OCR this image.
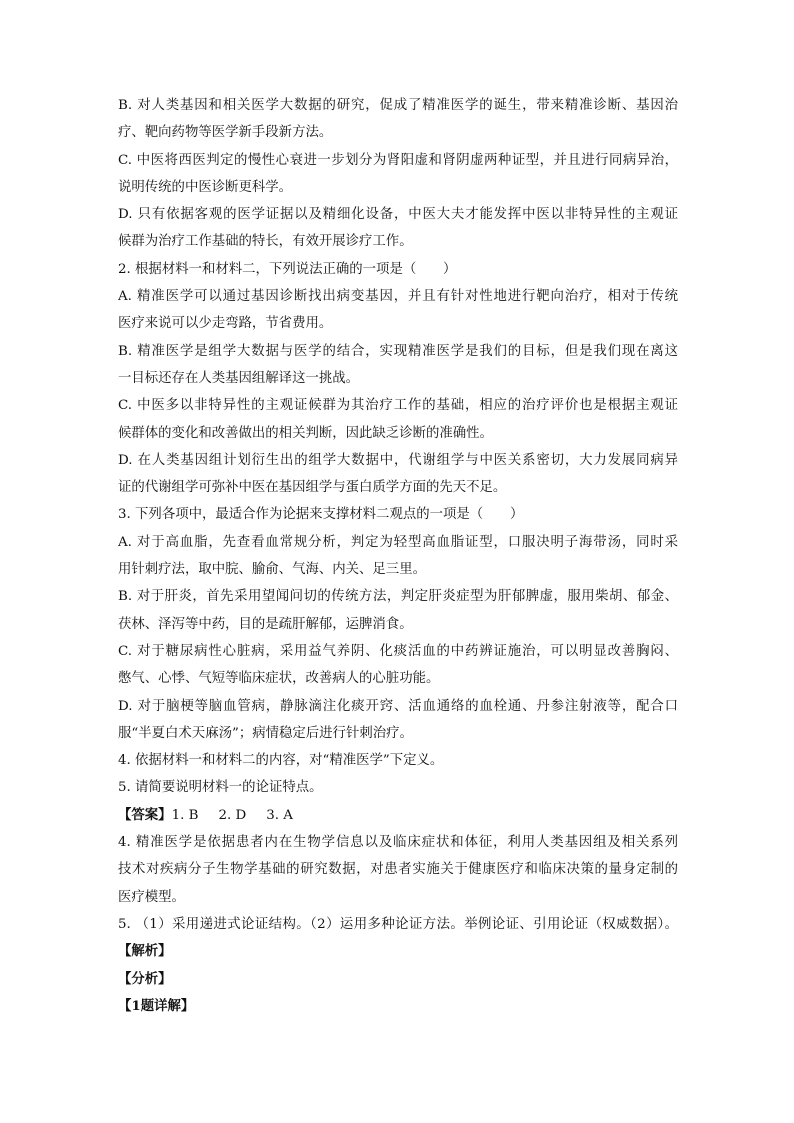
B. 对人类基因和相关医学大数据的研究，促成了精准医学的诞生，带来精准诊断、基因治
疗、靶向药物等医学新手段新方法。
C. 中医将西医判定的慢性心衰进一步划分为肾阳虚和肾阴虚两种证型，并且进行同病异治，
说明传统的中医诊断更科学。
D. 只有依据客观的医学证据以及精细化设备，中医大夫才能发挥中医以非特异性的主观证
候群为治疗工作基础的特长，有效开展诊疗工作。
2. 根据材料一和材料二，下列说法正确的一项是（　　）
A. 精准医学可以通过基因诊断找出病变基因，并且有针对性地进行靶向治疗，相对于传统
医疗来说可以少走弯路，节省费用。
B. 精准医学是组学大数据与医学的结合，实现精准医学是我们的目标，但是我们现在离这
一目标还存在人类基因组解译这一挑战。
C. 中医多以非特异性的主观证候群为其治疗工作的基础，相应的治疗评价也是根据主观证
候群体的变化和改善做出的相关判断，因此缺乏诊断的准确性。
D. 在人类基因组计划衍生出的组学大数据中，代谢组学与中医关系密切，大力发展同病异
证的代谢组学可弥补中医在基因组学与蛋白质学方面的先天不足。
3. 下列各项中，最适合作为论据来支撑材料二观点的一项是（　　）
A. 对于高血脂，先查看血常规分析，判定为轻型高血脂证型，口服决明子海带汤，同时采
用针刺疗法，取中脘、腧俞、气海、内关、足三里。
B. 对于肝炎，首先采用望闻问切的传统方法，判定肝炎症型为肝郁脾虚，服用柴胡、郁金、
茯林、泽泻等中药，目的是疏肝解郁，运脾消食。
C. 对于糖尿病性心脏病，采用益气养阴、化痰活血的中药辨证施治，可以明显改善胸闷、
憋气、心悸、气短等临床症状，改善病人的心脏功能。
D. 对于脑梗等脑血管病，静脉滴注化痰开窍、活血通络的血栓通、丹参注射液等，配合口
服“半夏白术天麻汤”；病情稳定后进行针刺治疗。
4. 依据材料一和材料二的内容，对“精准医学”下定义。
5. 请简要说明材料一的论证特点。
【答案】1. B 2. D 3. A
4. 精准医学是依据患者内在生物学信息以及临床症状和体征，利用人类基因组及相关系列
技术对疾病分子生物学基础的研究数据，对患者实施关于健康医疗和临床决策的量身定制的
医疗模型。
5. （1）采用递进式论证结构。（2）运用多种论证方法。举例论证、引用论证（权威数据）。
【解析】
【分析】
【1题详解】
